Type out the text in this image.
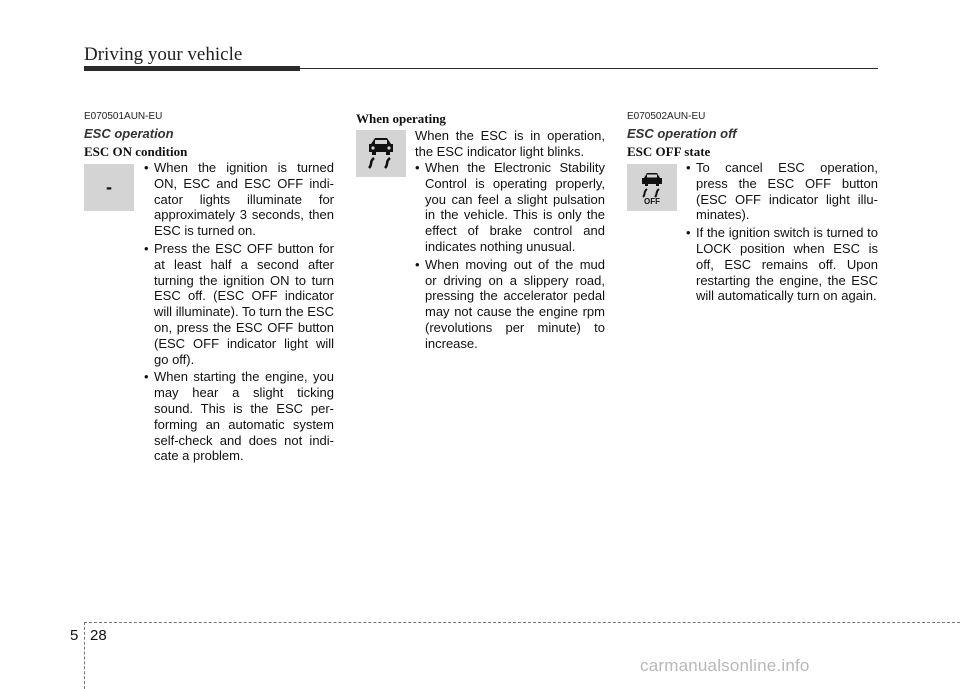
Driving your vehicle
E070501AUN-EU
ESC operation
ESC ON condition
-
• When the ignition is turned ON, ESC and ESC OFF indi-cator lights illuminate for approximately 3 seconds, then ESC is turned on.
• Press the ESC OFF button for at least half a second after turning the ignition ON to turn ESC off. (ESC OFF indicator will illuminate). To turn the ESC on, press the ESC OFF button (ESC OFF indicator light will go off).
• When starting the engine, you may hear a slight ticking sound. This is the ESC per-forming an automatic system self-check and does not indi-cate a problem.
When operating
When the ESC is in operation, the ESC indicator light blinks.
• When the Electronic Stability Control is operating properly, you can feel a slight pulsation in the vehicle. This is only the effect of brake control and indicates nothing unusual.
• When moving out of the mud or driving on a slippery road, pressing the accelerator pedal may not cause the engine rpm (revolutions per minute) to increase.
E070502AUN-EU
ESC operation off
ESC OFF state
OFF
• To cancel ESC operation, press the ESC OFF button (ESC OFF indicator light illu-minates).
• If the ignition switch is turned to LOCK position when ESC is off, ESC remains off. Upon restarting the engine, the ESC will automatically turn on again.
5 28
carmanualsonline.info
